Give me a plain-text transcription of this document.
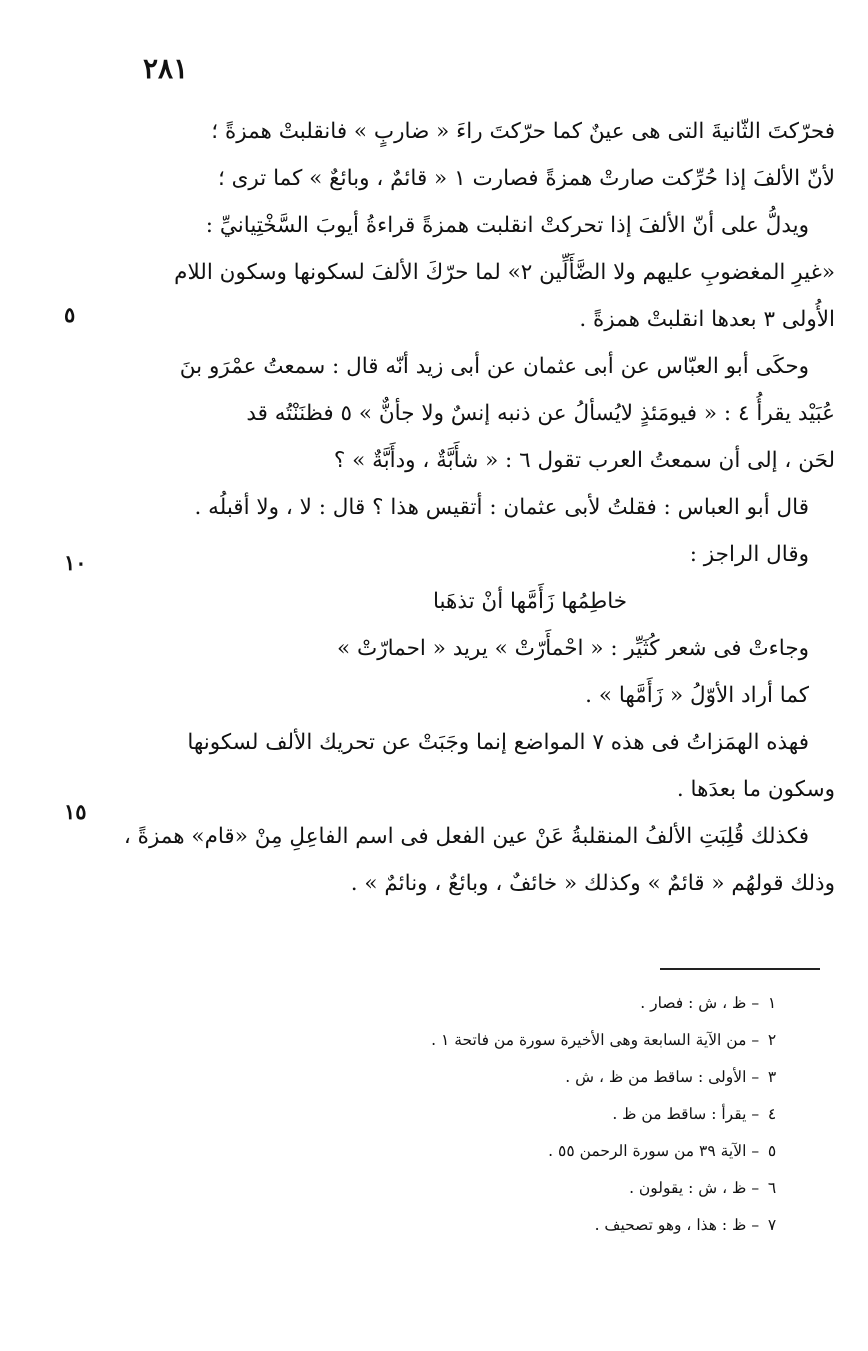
٢٨١
٥
١٠
١٥
فحرّكتَ الثّانيةَ التى هى عينٌ كما حرّكتَ راءَ « ضاربٍ » فانقلبتْ همزةً ؛
لأنّ الألفَ إذا حُرِّكت صارتْ همزةً فصارت ١ « قائمٌ ، وبائعٌ » كما ترى ؛
ويدلُّ على أنّ الألفَ إذا تحركتْ انقلبت همزةً قراءةُ أيوبَ السَّخْتِيانيِّ :
«غيرِ المغضوبِ عليهم ولا الضَّأَلِّين ٢» لما حرّكَ الألفَ لسكونها وسكون اللام
الأُولى ٣ بعدها انقلبتْ همزةً .
وحكَى أبو العبّاس عن أبى عثمان عن أبى زيد أنّه قال : سمعتُ عمْرَو بنَ
عُبَيْد يقرأُ ٤ : « فيومَئذٍ لايُسألُ عن ذنبه إنسٌ ولا جأنٌّ » ٥ فظنَنْتُه قد
لحَن ، إلى أن سمعتُ العرب تقول ٦ : « شأَبَّةٌ ، ودأَبَّةٌ » ؟
قال أبو العباس : فقلتُ لأبى عثمان : أتقيس هذا ؟ قال : لا ، ولا أقبلُه .
وقال الراجز :
خاطِمُها زَأَمَّها أنْ تذهَبا
وجاءتْ فى شعر كُثَيِّر : « احْمأَرّتْ » يريد « احمارّتْ »
كما أراد الأوّلُ « زَأَمَّها » .
فهذه الهمَزاتُ فى هذه ٧ المواضع إنما وجَبَتْ عن تحريك الألف لسكونها
وسكون ما بعدَها .
فكذلك قُلِبَتِ الألفُ المنقلبةُ عَنْ عين الفعل فى اسم الفاعِلِ مِنْ «قام» همزةً ،
وذلك قولهُم « قائمٌ » وكذلك « خائفٌ ، وبائعٌ ، ونائمٌ » .
١ – ظ ، ش : فصار .
٢ – من الآية السابعة وهى الأخيرة سورة من فاتحة ١ .
٣ – الأولى : ساقط من ظ ، ش .
٤ – يقرأ : ساقط من ظ .
٥ – الآية ٣٩ من سورة الرحمن ٥٥ .
٦ – ظ ، ش : يقولون .
٧ – ظ : هذا ، وهو تصحيف .
